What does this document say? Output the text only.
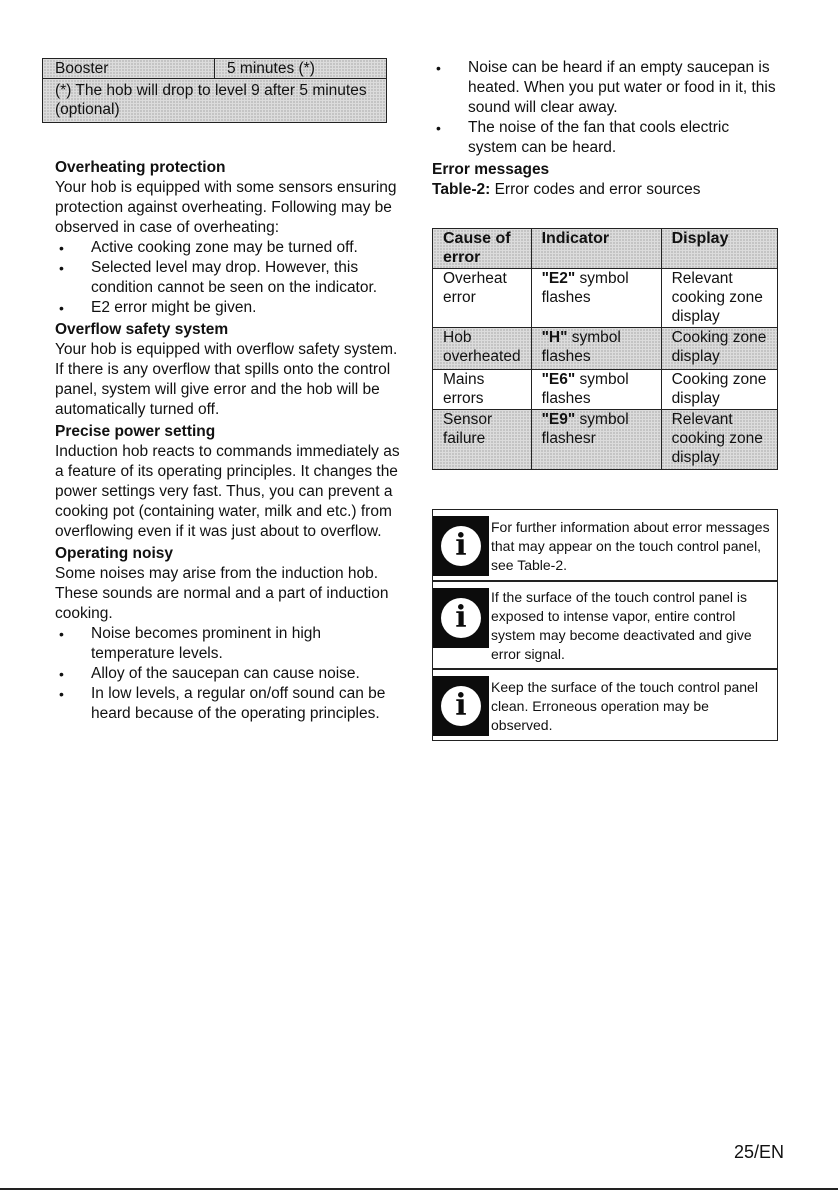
Booster	5 minutes (*)
(*) The hob will drop to level 9 after 5 minutes (optional)
Overheating protection

Your hob is equipped with some sensors ensuring protection against overheating. Following may be observed in case of overheating:

• Active cooking zone may be turned off.
• Selected level may drop. However, this condition cannot be seen on the indicator.
• E2 error might be given.
Overflow safety system

Your hob is equipped with overflow safety system. If there is any overflow that spills onto the control panel, system will give error and the hob will be automatically turned off.

Precise power setting

Induction hob reacts to commands immediately as a feature of its operating principles. It changes the power settings very fast. Thus, you can prevent a cooking pot (containing water, milk and etc.) from overflowing even if it was just about to overflow.

Operating noisy

Some noises may arise from the induction hob. These sounds are normal and a part of induction cooking.

• Noise becomes prominent in high temperature levels.
• Alloy of the saucepan can cause noise.
• In low levels, a regular on/off sound can be heard because of the operating principles.
• Noise can be heard if an empty saucepan is heated. When you put water or food in it, this sound will clear away.
• The noise of the fan that cools electric system can be heard.
Error messages

Table-2: Error codes and error sources

Cause of error	Indicator	Display
Overheat error	"E2" symbol flashes	Relevant cooking zone display
Hob overheated	"H" symbol flashes	Cooking zone display
Mains errors	"E6" symbol flashes	Cooking zone display
Sensor failure	"E9" symbol flashesr	Relevant cooking zone display
i
For further information about error messages that may appear on the touch control panel, see Table-2.
i
If the surface of the touch control panel is exposed to intense vapor, entire control system may become deactivated and give error signal.
i
Keep the surface of the touch control panel clean. Erroneous operation may be observed.
25/EN
